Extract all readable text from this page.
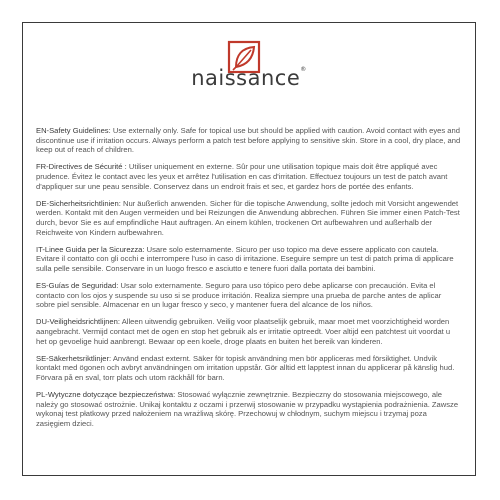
naissance®

EN-Safety Guidelines: Use externally only. Safe for topical use but should be applied with caution. Avoid contact with eyes and discontinue use if irritation occurs. Always perform a patch test before applying to sensitive skin. Store in a cool, dry place, and keep out of reach of children.

FR-Directives de Sécurité : Utiliser uniquement en externe. Sûr pour une utilisation topique mais doit être appliqué avec prudence. Évitez le contact avec les yeux et arrêtez l'utilisation en cas d'irritation. Effectuez toujours un test de patch avant d'appliquer sur une peau sensible. Conservez dans un endroit frais et sec, et gardez hors de portée des enfants.

DE-Sicherheitsrichtlinien: Nur äußerlich anwenden. Sicher für die topische Anwendung, sollte jedoch mit Vorsicht angewendet werden. Kontakt mit den Augen vermeiden und bei Reizungen die Anwendung abbrechen. Führen Sie immer einen Patch-Test durch, bevor Sie es auf empfindliche Haut auftragen. An einem kühlen, trockenen Ort aufbewahren und außerhalb der Reichweite von Kindern aufbewahren.

IT-Linee Guida per la Sicurezza: Usare solo esternamente. Sicuro per uso topico ma deve essere applicato con cautela. Evitare il contatto con gli occhi e interrompere l'uso in caso di irritazione. Eseguire sempre un test di patch prima di applicare sulla pelle sensibile. Conservare in un luogo fresco e asciutto e tenere fuori dalla portata dei bambini.

ES-Guías de Seguridad: Usar solo externamente. Seguro para uso tópico pero debe aplicarse con precaución. Evita el contacto con los ojos y suspende su uso si se produce irritación. Realiza siempre una prueba de parche antes de aplicar sobre piel sensible. Almacenar en un lugar fresco y seco, y mantener fuera del alcance de los niños.

DU-Veiligheidsrichtlijnen: Alleen uitwendig gebruiken. Veilig voor plaatselijk gebruik, maar moet met voorzichtigheid worden aangebracht. Vermijd contact met de ogen en stop het gebruik als er irritatie optreedt. Voer altijd een patchtest uit voordat u het op gevoelige huid aanbrengt. Bewaar op een koele, droge plaats en buiten het bereik van kinderen.

SE-Säkerhetsriktlinjer: Använd endast externt. Säker för topisk användning men bör appliceras med försiktighet. Undvik kontakt med ögonen och avbryt användningen om irritation uppstår. Gör alltid ett lapptest innan du applicerar på känslig hud. Förvara på en sval, torr plats och utom räckhåll för barn.

PL-Wytyczne dotyczące bezpieczeństwa: Stosować wyłącznie zewnętrznie. Bezpieczny do stosowania miejscowego, ale należy go stosować ostrożnie. Unikaj kontaktu z oczami i przerwij stosowanie w przypadku wystąpienia podrażnienia. Zawsze wykonaj test płatkowy przed nałożeniem na wrażliwą skórę. Przechowuj w chłodnym, suchym miejscu i trzymaj poza zasięgiem dzieci.
